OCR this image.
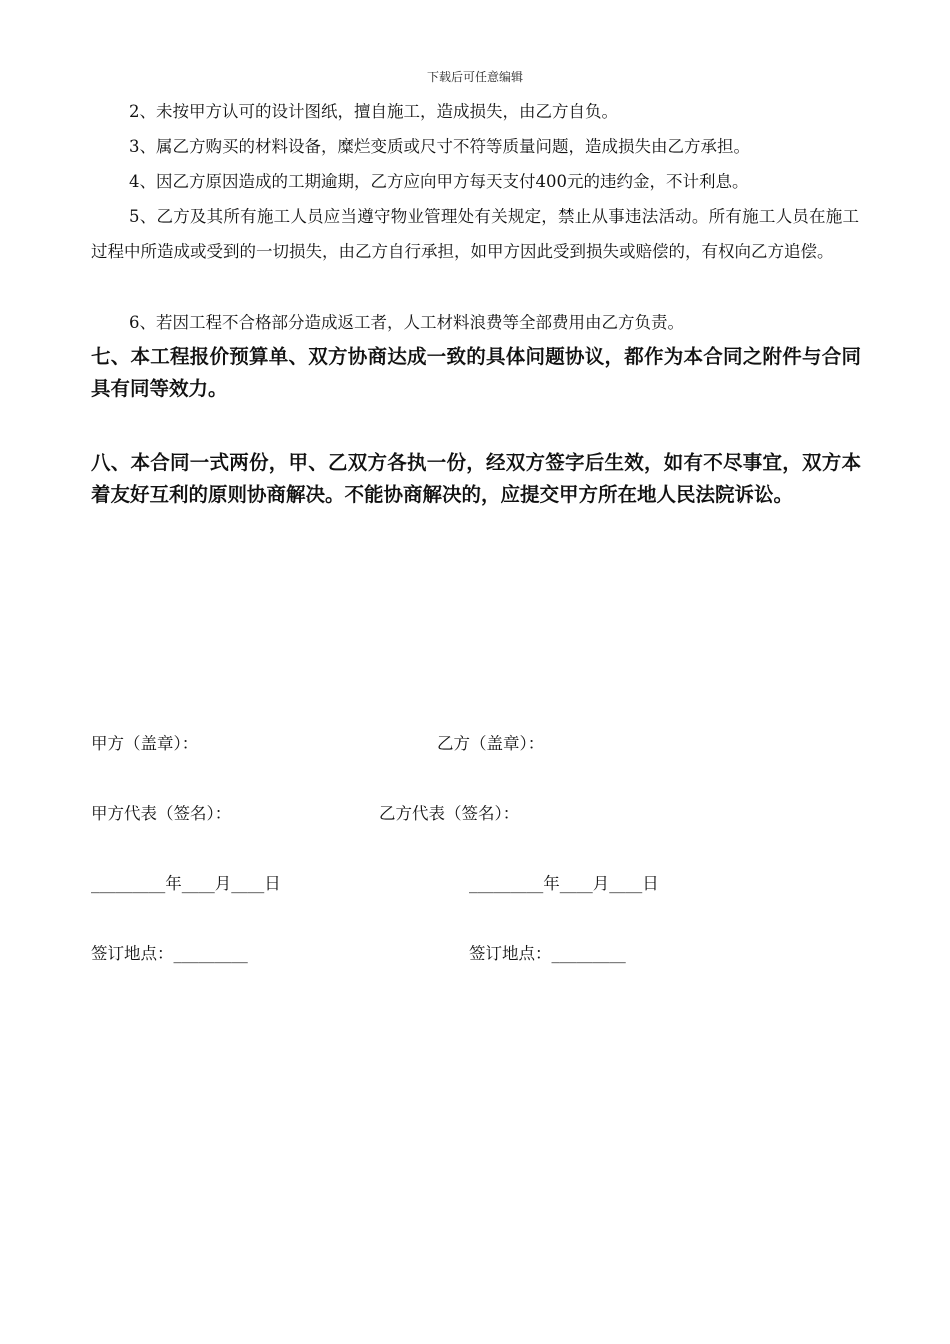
下载后可任意编辑

2、未按甲方认可的设计图纸，擅自施工，造成损失，由乙方自负。

3、属乙方购买的材料设备，糜烂变质或尺寸不符等质量问题，造成损失由乙方承担。

4、因乙方原因造成的工期逾期，乙方应向甲方每天支付400元的违约金，不计利息。

5、乙方及其所有施工人员应当遵守物业管理处有关规定，禁止从事违法活动。所有施工人员在施工过程中所造成或受到的一切损失，由乙方自行承担，如甲方因此受到损失或赔偿的，有权向乙方追偿。

6、若因工程不合格部分造成返工者，人工材料浪费等全部费用由乙方负责。

七、本工程报价预算单、双方协商达成一致的具体问题协议，都作为本合同之附件与合同具有同等效力。

八、本合同一式两份，甲、乙双方各执一份，经双方签字后生效，如有不尽事宜，双方本着友好互利的原则协商解决。不能协商解决的，应提交甲方所在地人民法院诉讼。

甲方（盖章）：	乙方（盖章）：

甲方代表（签名）：	乙方代表（签名）：

_________年____月____日	_________年____月____日

签订地点：_________	签订地点：_________
